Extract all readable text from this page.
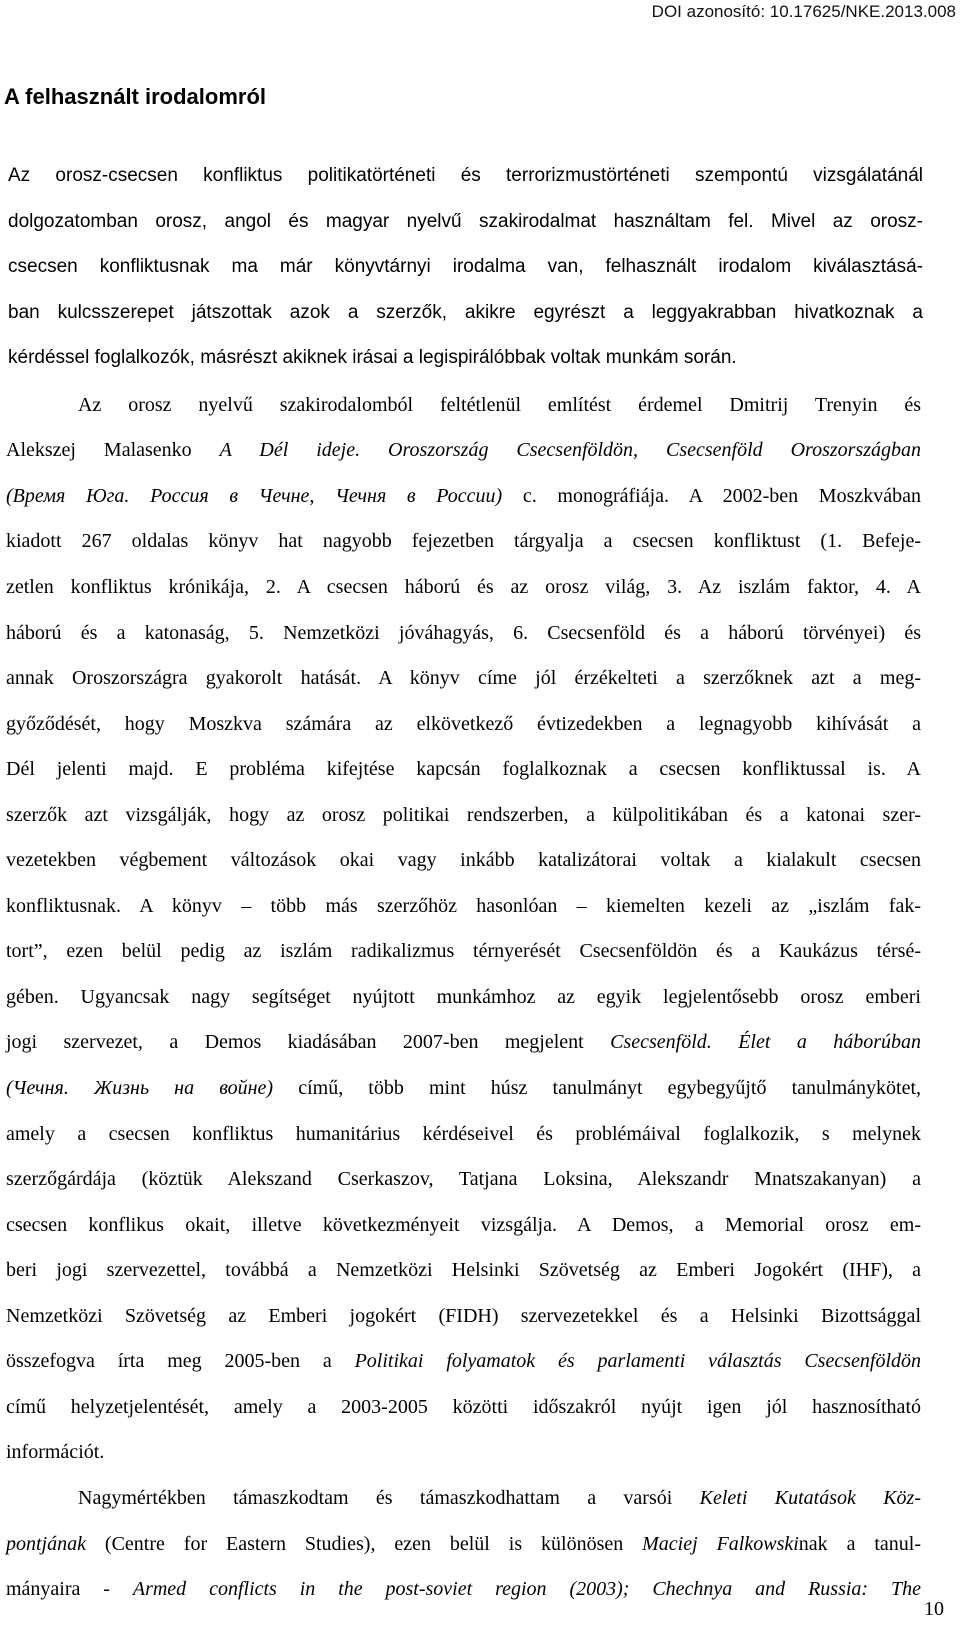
DOI azonosító: 10.17625/NKE.2013.008
A felhasznált irodalomról
Az orosz-csecsen konfliktus politikatörténeti és terrorizmustörténeti szempontú vizsgálatánál
dolgozatomban orosz, angol és magyar nyelvű szakirodalmat használtam fel. Mivel az orosz-
csecsen konfliktusnak ma már könyvtárnyi irodalma van, felhasznált irodalom kiválasztásá-
ban kulcsszerepet játszottak azok a szerzők, akikre egyrészt a leggyakrabban hivatkoznak a
kérdéssel foglalkozók, másrészt akiknek irásai a legispirálóbbak voltak munkám során.
Az orosz nyelvű szakirodalomból feltétlenül említést érdemel Dmitrij Trenyin és
Alekszej Malasenko A Dél ideje. Oroszország Csecsenföldön, Csecsenföld Oroszországban
(Время Юга. Россия в Чечне, Чечня в России) c. monográfiája. A 2002-ben Moszkvában
kiadott 267 oldalas könyv hat nagyobb fejezetben tárgyalja a csecsen konfliktust (1. Befeje-
zetlen konfliktus krónikája, 2. A csecsen háború és az orosz világ, 3. Az iszlám faktor, 4. A
háború és a katonaság, 5. Nemzetközi jóváhagyás, 6. Csecsenföld és a háború törvényei) és
annak Oroszországra gyakorolt hatását. A könyv címe jól érzékelteti a szerzőknek azt a meg-
győződését, hogy Moszkva számára az elkövetkező évtizedekben a legnagyobb kihívását a
Dél jelenti majd. E probléma kifejtése kapcsán foglalkoznak a csecsen konfliktussal is. A
szerzők azt vizsgálják, hogy az orosz politikai rendszerben, a külpolitikában és a katonai szer-
vezetekben végbement változások okai vagy inkább katalizátorai voltak a kialakult csecsen
konfliktusnak. A könyv – több más szerzőhöz hasonlóan – kiemelten kezeli az „iszlám fak-
tort”, ezen belül pedig az iszlám radikalizmus térnyerését Csecsenföldön és a Kaukázus térsé-
gében. Ugyancsak nagy segítséget nyújtott munkámhoz az egyik legjelentősebb orosz emberi
jogi szervezet, a Demos kiadásában 2007-ben megjelent Csecsenföld. Élet a háborúban
(Чечня. Жизнь на войне) című, több mint húsz tanulmányt egybegyűjtő tanulmánykötet,
amely a csecsen konfliktus humanitárius kérdéseivel és problémáival foglalkozik, s melynek
szerzőgárdája (köztük Alekszand Cserkaszov, Tatjana Loksina, Alekszandr Mnatszakanyan) a
csecsen konflikus okait, illetve következményeit vizsgálja. A Demos, a Memorial orosz em-
beri jogi szervezettel, továbbá a Nemzetközi Helsinki Szövetség az Emberi Jogokért (IHF), a
Nemzetközi Szövetség az Emberi jogokért (FIDH) szervezetekkel és a Helsinki Bizottsággal
összefogva írta meg 2005-ben a Politikai folyamatok és parlamenti választás Csecsenföldön
című helyzetjelentését, amely a 2003-2005 közötti időszakról nyújt igen jól hasznosítható
információt.
Nagymértékben támaszkodtam és támaszkodhattam a varsói Keleti Kutatások Köz-
pontjának (Centre for Eastern Studies), ezen belül is különösen Maciej Falkowskinak a tanul-
mányaira - Armed conflicts in the post-soviet region (2003); Chechnya and Russia: The
10
